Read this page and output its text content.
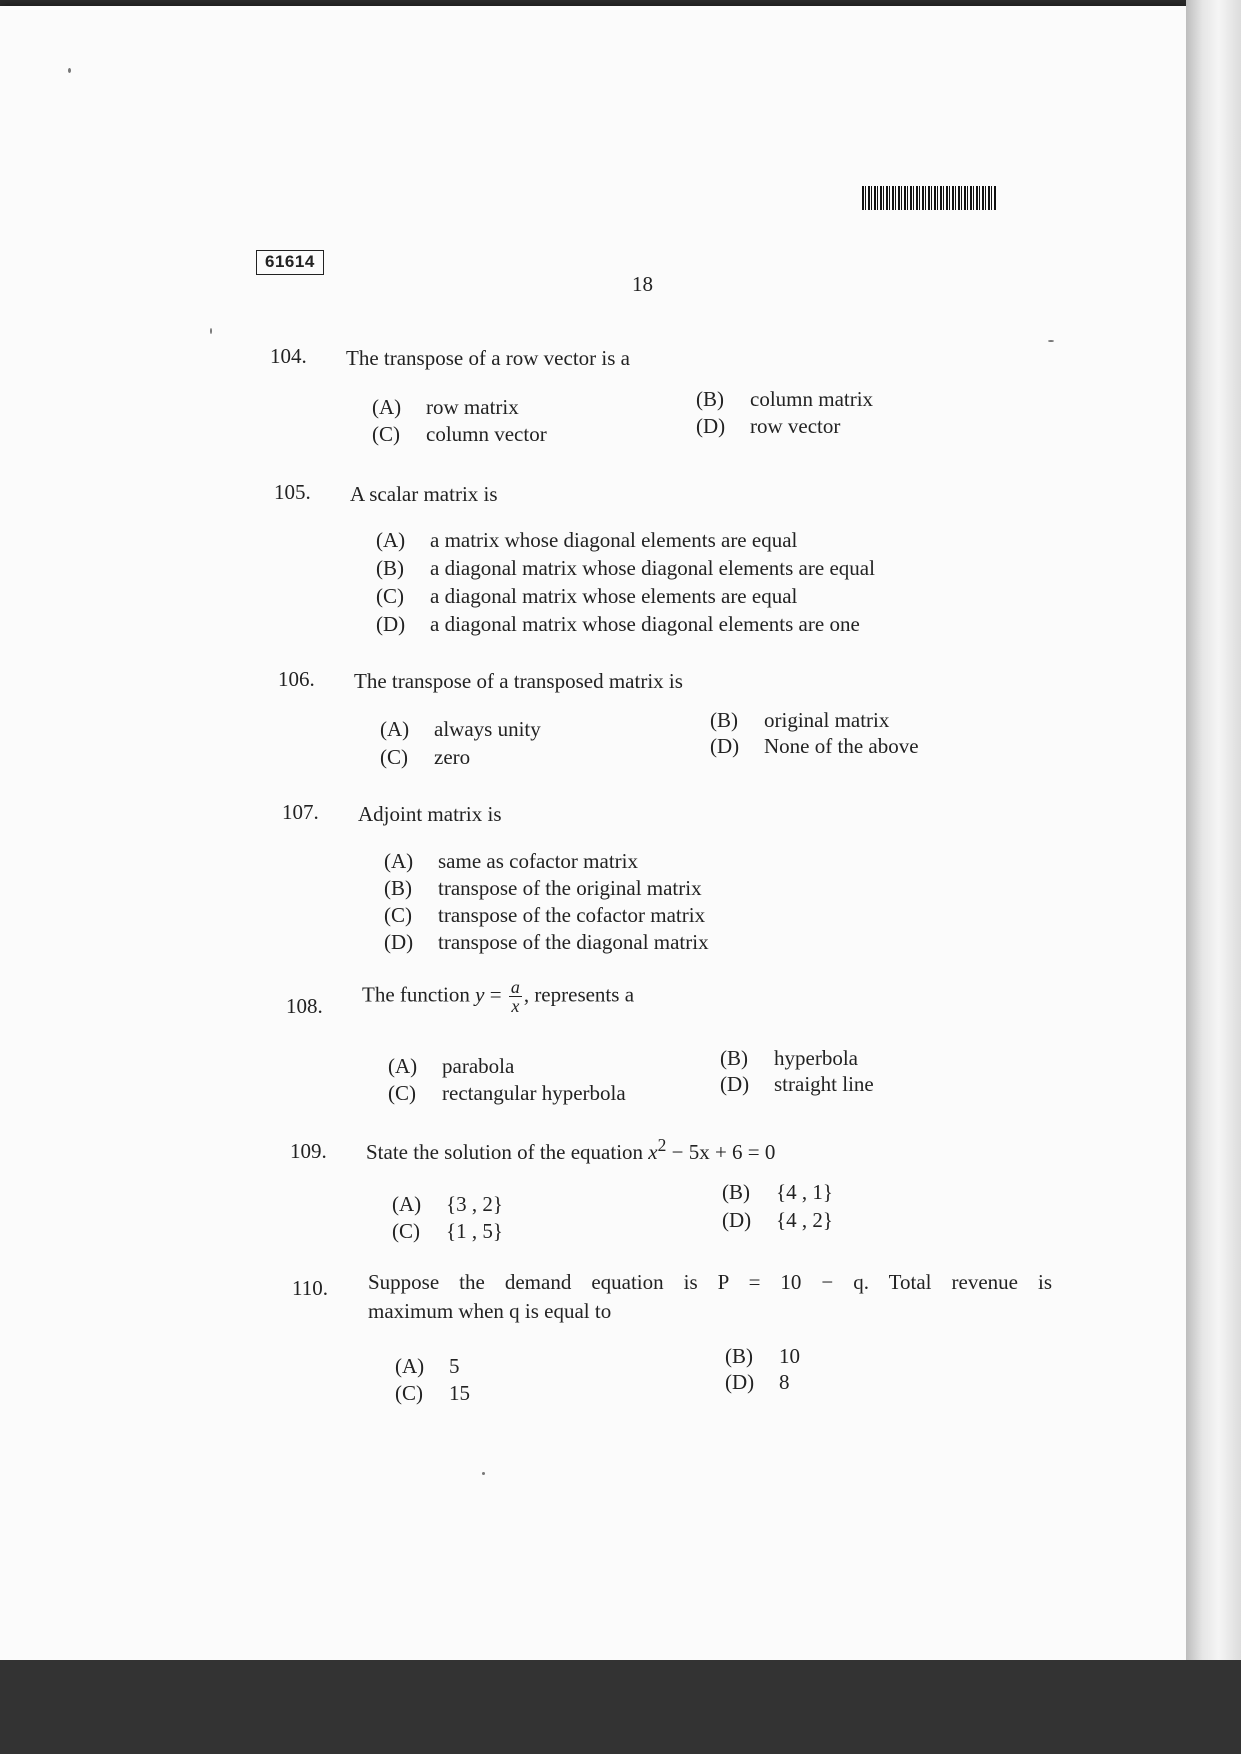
61614
18
104. The transpose of a row vector is a
(A) row matrix	(B) column matrix
(C) column vector	(D) row vector
105. A scalar matrix is
(A) a matrix whose diagonal elements are equal
(B) a diagonal matrix whose diagonal elements are equal
(C) a diagonal matrix whose elements are equal
(D) a diagonal matrix whose diagonal elements are one
106. The transpose of a transposed matrix is
(A) always unity	(B) original matrix
(C) zero	(D) None of the above
107. Adjoint matrix is
(A) same as cofactor matrix
(B) transpose of the original matrix
(C) transpose of the cofactor matrix
(D) transpose of the diagonal matrix
108. The function $y = \frac{a}{x}$ , represents a
(A) parabola	(B) hyperbola
(C) rectangular hyperbola	(D) straight line
109. State the solution of the equation $x^2 - 5x + 6 = 0$
(A) {3 , 2}	(B) {4 , 1}
(C) {1 , 5}	(D) {4 , 2}
110. Suppose the demand equation is P = 10 − q. Total revenue is
maximum when q is equal to
(A) 5	(B) 10
(C) 15	(D) 8
